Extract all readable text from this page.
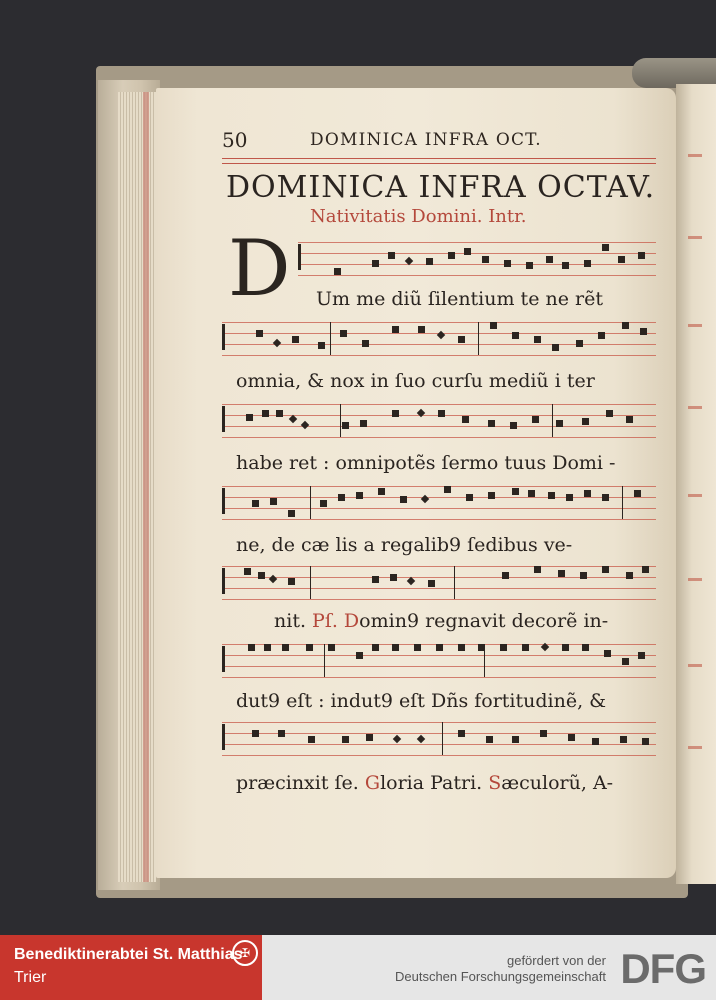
50	DOMINICA INFRA OCT.
DOMINICA INFRA OCTAV.
Nativitatis Domini. Intr.
D Um me diũ ſilentium te ne rẽt
omnia, & nox in ſuo curſu mediũ i ter
habe ret : omnipotẽs ſermo tuus Domi -
ne, de cæ lis a regalib9 ſedibus ve-
nit. Pſ. Domin9 regnavit decorẽ in-
dut9 eſt : indut9 eſt Dñs fortitudinẽ, &
præcinxit ſe. Gloria Patri. Sæculorũ, A-
Benediktinerabtei St. Matthias
Trier
✠	gefördert von der
Deutschen Forschungsgemeinschaft DFG
